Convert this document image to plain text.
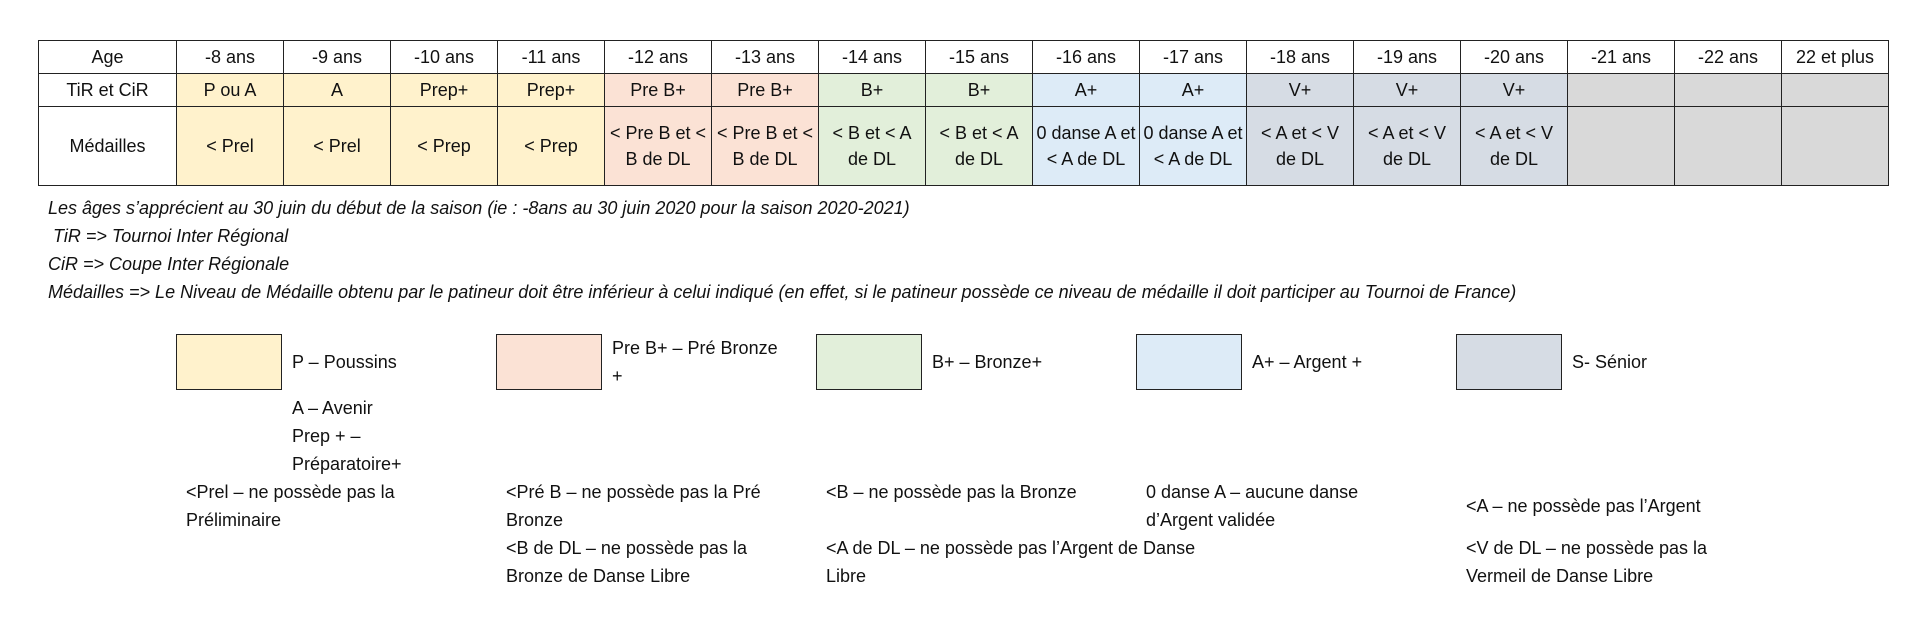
Age	-8 ans	-9 ans	-10 ans	-11 ans	-12 ans	-13 ans	-14 ans	-15 ans	-16 ans	-17 ans	-18 ans	-19 ans	-20 ans	-21 ans	-22 ans	22 et plus
TiR et CiR	P ou A	A	Prep+	Prep+	Pre B+	Pre B+	B+	B+	A+	A+	V+	V+	V+			
Médailles	< Prel	< Prel	< Prep	< Prep	< Pre B et < B de DL	< Pre B et < B de DL	< B et < A de DL	< B et < A de DL	0 danse A et < A de DL	0 danse A et < A de DL	< A et < V de DL	< A et < V de DL	< A et < V de DL			
Les âges s’apprécient au 30 juin du début de la saison (ie : -8ans au 30 juin 2020 pour la saison 2020-2021)
TiR => Tournoi Inter Régional
CiR => Coupe Inter Régionale
Médailles => Le Niveau de Médaille obtenu par le patineur doit être inférieur à celui indiqué (en effet, si le patineur possède ce niveau de médaille il doit participer au Tournoi de France)
P – Poussins
A – Avenir
Prep + –
Préparatoire+
Pre B+ – Pré Bronze
+
B+ – Bronze+	A+ – Argent +	S- Sénior
<Prel – ne possède pas la
Préliminaire
<Pré B – ne possède pas la Pré
Bronze
<B de DL – ne possède pas la
Bronze de Danse Libre
<B – ne possède pas la Bronze
<A de DL – ne possède pas l’Argent de Danse
Libre
0 danse A – aucune danse
d’Argent validée
<A – ne possède pas l’Argent
<V de DL – ne possède pas la
Vermeil de Danse Libre
